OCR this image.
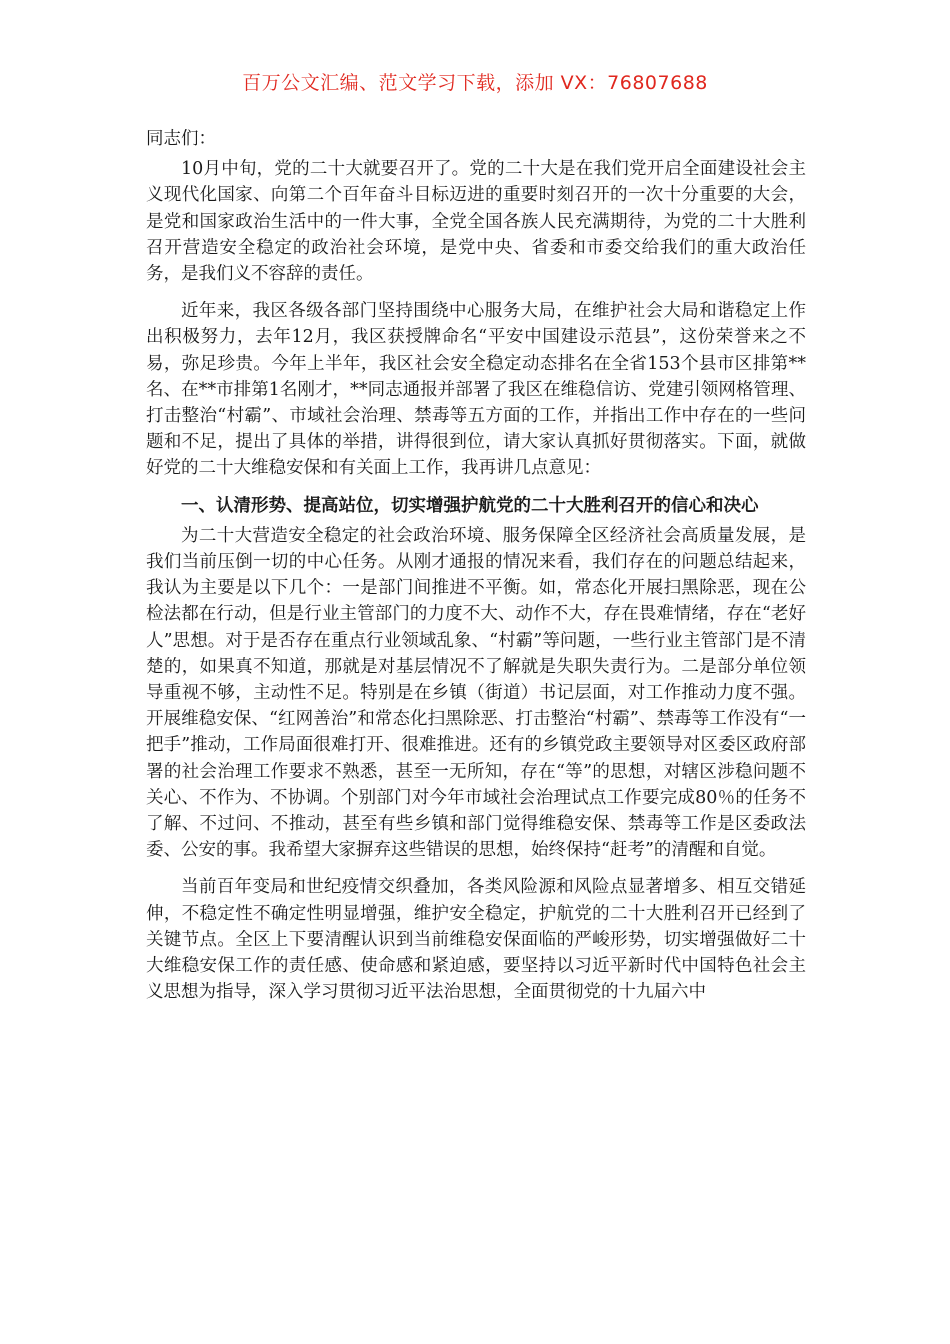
百万公文汇编、范文学习下载，添加 VX：76807688

同志们：

10月中旬，党的二十大就要召开了。党的二十大是在我们党开启全面建设社会主义现代化国家、向第二个百年奋斗目标迈进的重要时刻召开的一次十分重要的大会，是党和国家政治生活中的一件大事，全党全国各族人民充满期待，为党的二十大胜利召开营造安全稳定的政治社会环境，是党中央、省委和市委交给我们的重大政治任务，是我们义不容辞的责任。

近年来，我区各级各部门坚持围绕中心服务大局，在维护社会大局和谐稳定上作出积极努力，去年12月，我区获授牌命名“平安中国建设示范县”，这份荣誉来之不易，弥足珍贵。今年上半年，我区社会安全稳定动态排名在全省153个县市区排第**名、在**市排第1名刚才，**同志通报并部署了我区在维稳信访、党建引领网格管理、打击整治“村霸”、市域社会治理、禁毒等五方面的工作，并指出工作中存在的一些问题和不足，提出了具体的举措，讲得很到位，请大家认真抓好贯彻落实。下面，就做好党的二十大维稳安保和有关面上工作，我再讲几点意见：

一、认清形势、提高站位，切实增强护航党的二十大胜利召开的信心和决心

为二十大营造安全稳定的社会政治环境、服务保障全区经济社会高质量发展，是我们当前压倒一切的中心任务。从刚才通报的情况来看，我们存在的问题总结起来，我认为主要是以下几个：一是部门间推进不平衡。如，常态化开展扫黑除恶，现在公检法都在行动，但是行业主管部门的力度不大、动作不大，存在畏难情绪，存在“老好人”思想。对于是否存在重点行业领域乱象、“村霸”等问题，一些行业主管部门是不清楚的，如果真不知道，那就是对基层情况不了解就是失职失责行为。二是部分单位领导重视不够，主动性不足。特别是在乡镇（街道）书记层面，对工作推动力度不强。开展维稳安保、“红网善治”和常态化扫黑除恶、打击整治“村霸”、禁毒等工作没有“一把手”推动，工作局面很难打开、很难推进。还有的乡镇党政主要领导对区委区政府部署的社会治理工作要求不熟悉，甚至一无所知，存在“等”的思想，对辖区涉稳问题不关心、不作为、不协调。个别部门对今年市域社会治理试点工作要完成80％的任务不了解、不过问、不推动，甚至有些乡镇和部门觉得维稳安保、禁毒等工作是区委政法委、公安的事。我希望大家摒弃这些错误的思想，始终保持“赶考”的清醒和自觉。

当前百年变局和世纪疫情交织叠加，各类风险源和风险点显著增多、相互交错延伸，不稳定性不确定性明显增强，维护安全稳定，护航党的二十大胜利召开已经到了关键节点。全区上下要清醒认识到当前维稳安保面临的严峻形势，切实增强做好二十大维稳安保工作的责任感、使命感和紧迫感，要坚持以习近平新时代中国特色社会主义思想为指导，深入学习贯彻习近平法治思想，全面贯彻党的十九届六中
